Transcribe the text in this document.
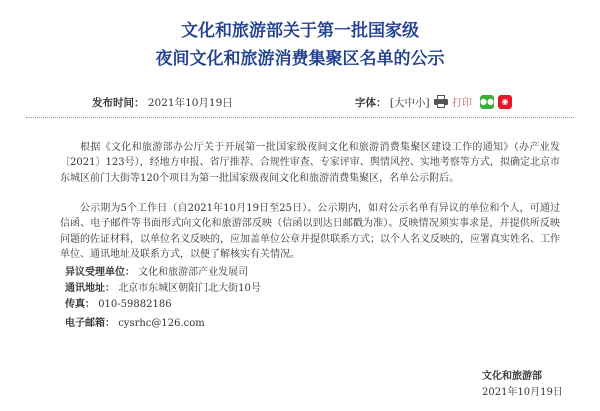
文化和旅游部关于第一批国家级
夜间文化和旅游消费集聚区名单的公示
发布时间： 2021年10月19日	字体： [大中小] 打印 ●● ◉
根据《文化和旅游部办公厅关于开展第一批国家级夜间文化和旅游消费集聚区建设工作的通知》（办产业发〔2021〕123号），经地方申报、省厅推荐、合规性审查、专家评审、舆情风控、实地考察等方式，拟确定北京市东城区前门大街等120个项目为第一批国家级夜间文化和旅游消费集聚区，名单公示附后。
公示期为5个工作日（自2021年10月19日至25日）。公示期内，如对公示名单有异议的单位和个人，可通过信函、电子邮件等书面形式向文化和旅游部反映（信函以到达日邮戳为准）。反映情况须实事求是，并提供所反映问题的佐证材料，以单位名义反映的，应加盖单位公章并提供联系方式；以个人名义反映的，应署真实姓名、工作单位、通讯地址及联系方式，以便了解核实有关情况。
异议受理单位： 文化和旅游部产业发展司
通讯地址： 北京市东城区朝阳门北大街10号
传真： 010-59882186
电子邮箱： cysrhc@126.com
文化和旅游部
2021年10月19日
